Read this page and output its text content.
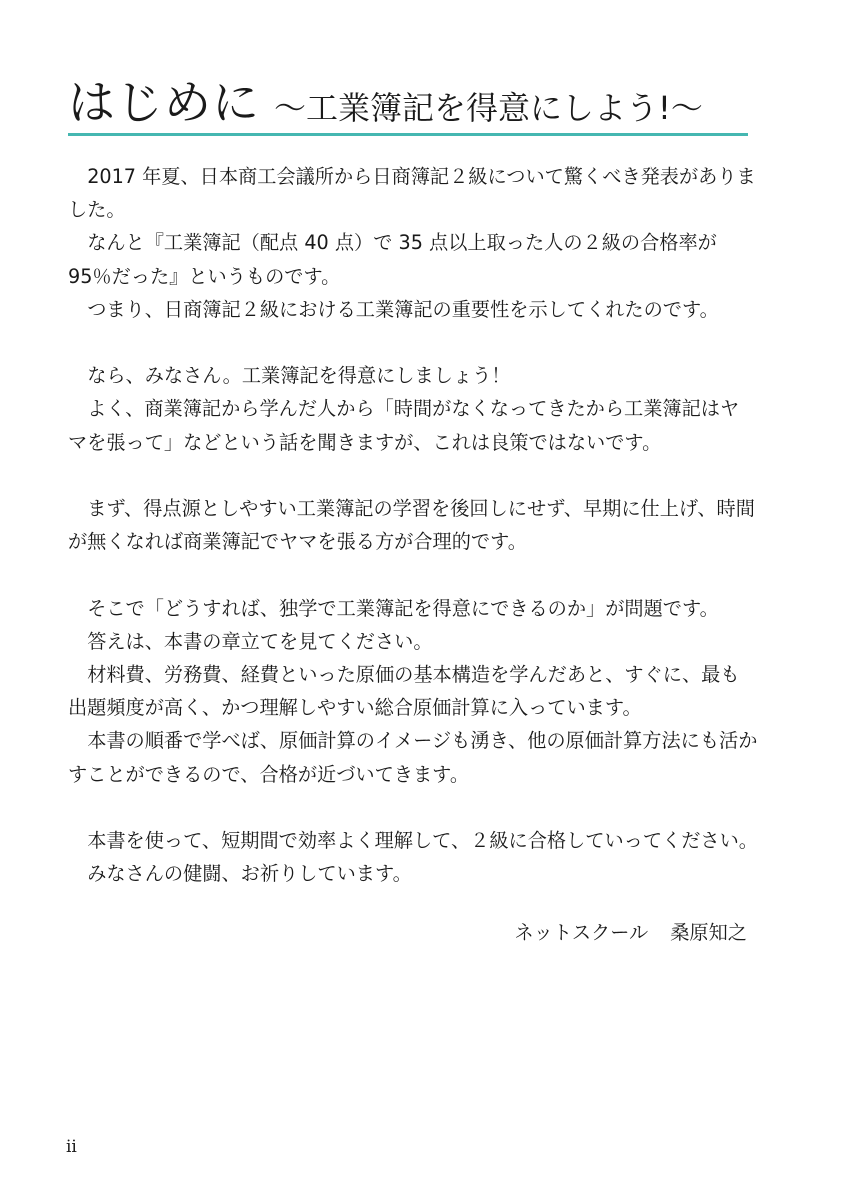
はじめに ～工業簿記を得意にしよう!～

2017 年夏、日本商工会議所から日商簿記２級について驚くべき発表がありました。

なんと『工業簿記（配点 40 点）で 35 点以上取った人の２級の合格率が 95％だった』というものです。

つまり、日商簿記２級における工業簿記の重要性を示してくれたのです。

なら、みなさん。工業簿記を得意にしましょう！

よく、商業簿記から学んだ人から「時間がなくなってきたから工業簿記はヤマを張って」などという話を聞きますが、これは良策ではないです。

まず、得点源としやすい工業簿記の学習を後回しにせず、早期に仕上げ、時間が無くなれば商業簿記でヤマを張る方が合理的です。

そこで「どうすれば、独学で工業簿記を得意にできるのか」が問題です。

答えは、本書の章立てを見てください。

材料費、労務費、経費といった原価の基本構造を学んだあと、すぐに、最も出題頻度が高く、かつ理解しやすい総合原価計算に入っています。

本書の順番で学べば、原価計算のイメージも湧き、他の原価計算方法にも活かすことができるので、合格が近づいてきます。

本書を使って、短期間で効率よく理解して、２級に合格していってください。

みなさんの健闘、お祈りしています。

ネットスクール 桑原知之
ii
